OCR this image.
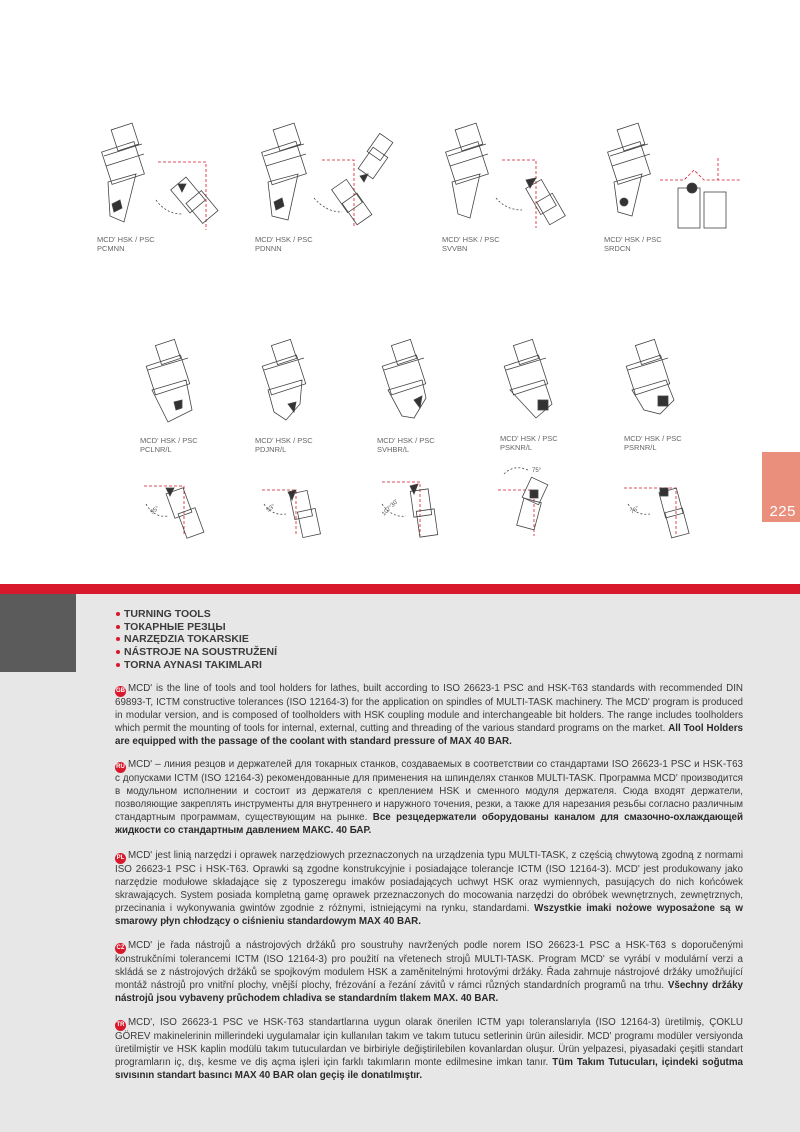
MCD' HSK / PSC
PCMNN
MCD' HSK / PSC
PDNNN
MCD' HSK / PSC
SVVBN
MCD' HSK / PSC
SRDCN
MCD' HSK / PSC
PCLNR/L
MCD' HSK / PSC
PDJNR/L
MCD' HSK / PSC
SVHBR/L
MCD' HSK / PSC
PSKNR/L
MCD' HSK / PSC
PSRNR/L
95°	93°	107°30'
75°
75°	225
TURNING TOOLS
ТОКАРНЫЕ РЕЗЦЫ
NARZĘDZIA TOKARSKIE
NÁSTROJE NA SOUSTRUŽENÍ
TORNA AYNASI TAKIMLARI

GB MCD' is the line of tools and tool holders for lathes, built according to ISO 26623-1 PSC and HSK-T63 standards with recommended DIN 69893-T, ICTM constructive tolerances (ISO 12164-3) for the application on spindles of MULTI-TASK machinery. The MCD' program is produced in modular version, and is composed of toolholders with HSK coupling module and interchangeable bit holders. The range includes toolholders which permit the mounting of tools for internal, external, cutting and threading of the various standard programs on the market. All Tool Holders are equipped with the passage of the coolant with standard pressure of MAX 40 BAR.

RU MCD' – линия резцов и держателей для токарных станков, создаваемых в соответствии со стандартами ISO 26623-1 PSC и HSK-T63 с допусками ICTM (ISO 12164-3) рекомендованные для применения на шпинделях станков MULTI-TASK. Программа MCD' производится в модульном исполнении и состоит из держателя с креплением HSK и сменного модуля держателя. Сюда входят держатели, позволяющие закреплять инструменты для внутреннего и наружного точения, резки, а также для нарезания резьбы согласно различным стандартным программам, существующим на рынке. Все резцедержатели оборудованы каналом для смазочно-охлаждающей жидкости со стандартным давлением МАКС. 40 БАР.

PL MCD' jest linią narzędzi i oprawek narzędziowych przeznaczonych na urządzenia typu MULTI-TASK, z częścią chwytową zgodną z normami ISO 26623-1 PSC i HSK-T63. Oprawki są zgodne konstrukcyjnie i posiadające tolerancje ICTM (ISO 12164-3). MCD' jest produkowany jako narzędzie modułowe składające się z typoszeregu imaków posiadających uchwyt HSK oraz wymiennych, pasujących do nich końcówek skrawających. System posiada kompletną gamę oprawek przeznaczonych do mocowania narzędzi do obróbek wewnętrznych, zewnętrznych, przecinania i wykonywania gwintów zgodnie z różnymi, istniejącymi na rynku, standardami. Wszystkie imaki nożowe wyposażone są w smarowy płyn chłodzący o ciśnieniu standardowym MAX 40 BAR.

CZ MCD' je řada nástrojů a nástrojových držáků pro soustruhy navržených podle norem ISO 26623-1 PSC a HSK-T63 s doporučenými konstrukčními tolerancemi ICTM (ISO 12164-3) pro použití na vřetenech strojů MULTI-TASK. Program MCD' se vyrábí v modulární verzi a skládá se z nástrojových držáků se spojkovým modulem HSK a zaměnitelnými hrotovými držáky. Řada zahrnuje nástrojové držáky umožňující montáž nástrojů pro vnitřní plochy, vnější plochy, frézování a řezání závitů v rámci různých standardních programů na trhu. Všechny držáky nástrojů jsou vybaveny průchodem chladiva se standardním tlakem MAX. 40 BAR.

TR MCD', ISO 26623-1 PSC ve HSK-T63 standartlarına uygun olarak önerilen ICTM yapı toleranslarıyla (ISO 12164-3) üretilmiş, ÇOKLU GÖREV makinelerinin millerindeki uygulamalar için kullanılan takım ve takım tutucu setlerinin ürün ailesidir. MCD' programı modüler versiyonda üretilmiştir ve HSK kaplin modülü takım tutuculardan ve birbiriyle değiştirilebilen kovanlardan oluşur. Ürün yelpazesi, piyasadaki çeşitli standart programların iç, dış, kesme ve diş açma işleri için farklı takımların monte edilmesine imkan tanır. Tüm Takım Tutucuları, içindeki soğutma sıvısının standart basıncı MAX 40 BAR olan geçiş ile donatılmıştır.
